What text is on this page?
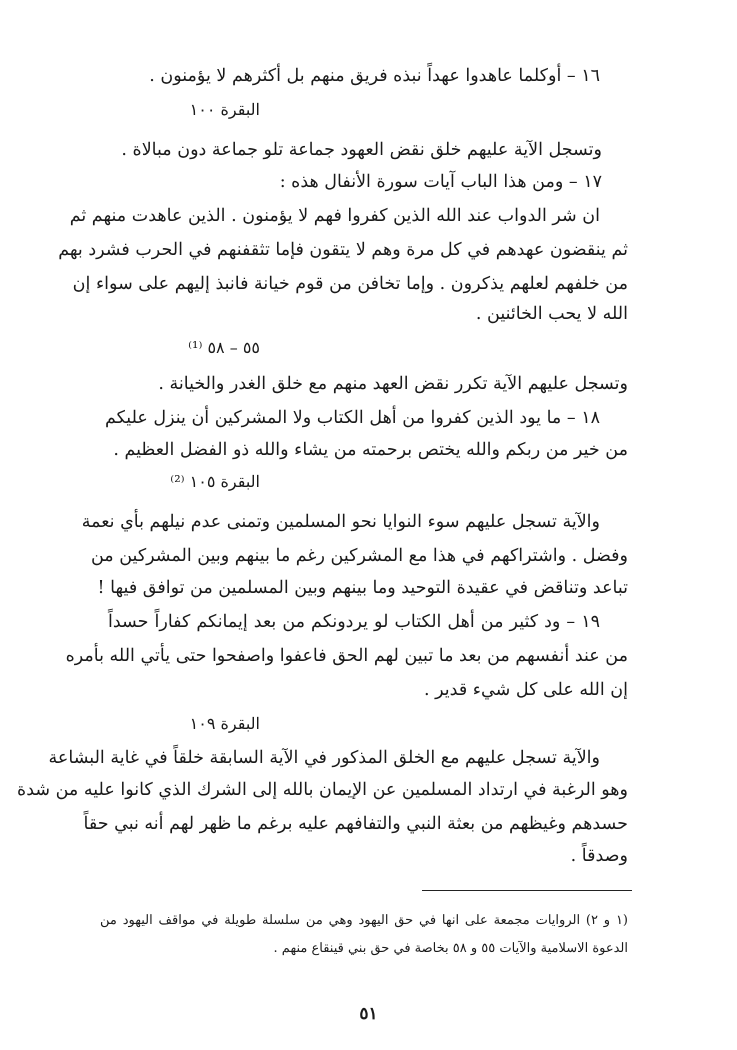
١٦ – أوكلما عاهدوا عهداً نبذه فريق منهم بل أكثرهم لا يؤمنون .
البقرة ١٠٠
وتسجل الآية عليهم خلق نقض العهود جماعة تلو جماعة دون مبالاة .
١٧ – ومن هذا الباب آيات سورة الأنفال هذه :
ان شر الدواب عند الله الذين كفروا فهم لا يؤمنون . الذين عاهدت منهم ثم
ثم ينقضون عهدهم في كل مرة وهم لا يتقون فإما تثقفنهم في الحرب فشرد بهم
من خلفهم لعلهم يذكرون . وإما تخافن من قوم خيانة فانبذ إليهم على سواء إن
الله لا يحب الخائنين .
٥٥ – ٥٨ ⁽¹⁾
وتسجل عليهم الآية تكرر نقض العهد منهم مع خلق الغدر والخيانة .
١٨ – ما يود الذين كفروا من أهل الكتاب ولا المشركين أن ينزل عليكم
من خير من ربكم والله يختص برحمته من يشاء والله ذو الفضل العظيم .
البقرة ١٠٥ ⁽²⁾
والآية تسجل عليهم سوء النوايا نحو المسلمين وتمنى عدم نيلهم بأي نعمة
وفضل . واشتراكهم في هذا مع المشركين رغم ما بينهم وبين المشركين من
تباعد وتناقض في عقيدة التوحيد وما بينهم وبين المسلمين من توافق فيها !
١٩ – ود كثير من أهل الكتاب لو يردونكم من بعد إيمانكم كفاراً حسداً
من عند أنفسهم من بعد ما تبين لهم الحق فاعفوا واصفحوا حتى يأتي الله بأمره
إن الله على كل شيء قدير .
البقرة ١٠٩
والآية تسجل عليهم مع الخلق المذكور في الآية السابقة خلقاً في غاية البشاعة
وهو الرغبة في ارتداد المسلمين عن الإيمان بالله إلى الشرك الذي كانوا عليه من شدة
حسدهم وغيظهم من بعثة النبي والتفافهم عليه برغم ما ظهر لهم أنه نبي حقاً
وصدقاً .
(١ و ٢) الروايات مجمعة على انها في حق اليهود وهي من سلسلة طويلة في مواقف اليهود من
الدعوة الاسلامية والآيات ٥٥ و ٥٨ بخاصة في حق بني قينقاع منهم .
٥١
